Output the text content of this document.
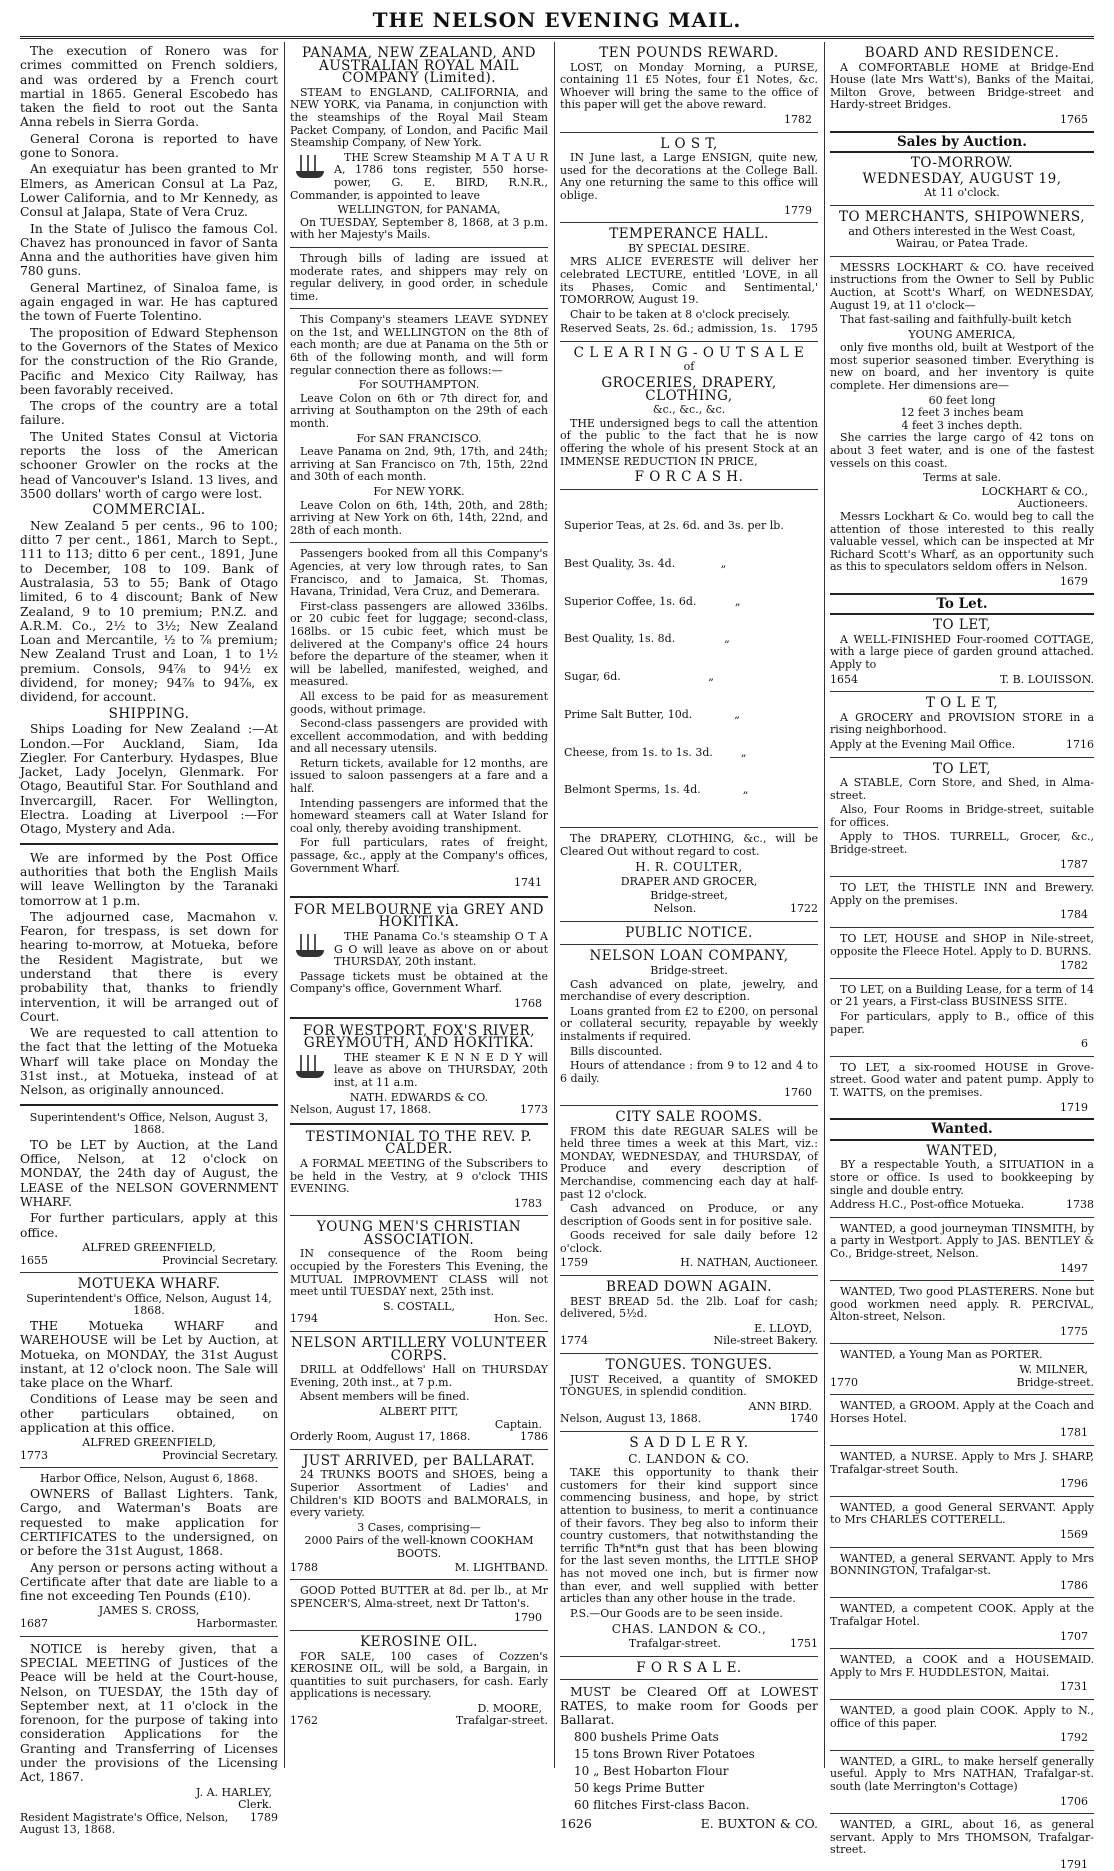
THE NELSON EVENING MAIL.

The execution of Ronero was for crimes committed on French soldiers, and was ordered by a French court martial in 1865. General Escobedo has taken the field to root out the Santa Anna rebels in Sierra Gorda.

General Corona is reported to have gone to Sonora.

An exequiatur has been granted to Mr Elmers, as American Consul at La Paz, Lower California, and to Mr Kennedy, as Consul at Jalapa, State of Vera Cruz.

In the State of Julisco the famous Col. Chavez has pronounced in favor of Santa Anna and the authorities have given him 780 guns.

General Martinez, of Sinaloa fame, is again engaged in war. He has captured the town of Fuerte Tolentino.

The proposition of Edward Stephenson to the Governors of the States of Mexico for the construction of the Rio Grande, Pacific and Mexico City Railway, has been favorably received.

The crops of the country are a total failure.

The United States Consul at Victoria reports the loss of the American schooner Growler on the rocks at the head of Vancouver's Island. 13 lives, and 3500 dollars' worth of cargo were lost.

COMMERCIAL.

New Zealand 5 per cents., 96 to 100; ditto 7 per cent., 1861, March to Sept., 111 to 113; ditto 6 per cent., 1891, June to December, 108 to 109. Bank of Australasia, 53 to 55; Bank of Otago limited, 6 to 4 discount; Bank of New Zealand, 9 to 10 premium; P.N.Z. and A.R.M. Co., 2½ to 3½; New Zealand Loan and Mercantile, ½ to ⅞ premium; New Zealand Trust and Loan, 1 to 1½ premium. Consols, 94⅞ to 94½ ex dividend, for money; 94⅞ to 94⅞, ex dividend, for account.

SHIPPING.

Ships Loading for New Zealand :—At London.—For Auckland, Siam, Ida Ziegler. For Canterbury. Hydaspes, Blue Jacket, Lady Jocelyn, Glenmark. For Otago, Beautiful Star. For Southland and Invercargill, Racer. For Wellington, Electra. Loading at Liverpool :—For Otago, Mystery and Ada.

We are informed by the Post Office authorities that both the English Mails will leave Wellington by the Taranaki tomorrow at 1 p.m.

The adjourned case, Macmahon v. Fearon, for trespass, is set down for hearing to-morrow, at Motueka, before the Resident Magistrate, but we understand that there is every probability that, thanks to friendly intervention, it will be arranged out of Court.

We are requested to call attention to the fact that the letting of the Motueka Wharf will take place on Monday the 31st inst., at Motueka, instead of at Nelson, as originally announced.

Superintendent's Office, Nelson, August 3, 1868.

TO be LET by Auction, at the Land Office, Nelson, at 12 o'clock on MONDAY, the 24th day of August, the LEASE of the NELSON GOVERNMENT WHARF.

For further particulars, apply at this office.

ALFRED GREENFIELD,
1655	Provincial Secretary.
MOTUEKA WHARF.
Superintendent's Office, Nelson, August 14, 1868.

THE Motueka WHARF and WAREHOUSE will be Let by Auction, at Motueka, on MONDAY, the 31st August instant, at 12 o'clock noon. The Sale will take place on the Wharf.

Conditions of Lease may be seen and other particulars obtained, on application at this office.

ALFRED GREENFIELD,
1773	Provincial Secretary.
Harbor Office, Nelson, August 6, 1868.

OWNERS of Ballast Lighters. Tank, Cargo, and Waterman's Boats are requested to make application for CERTIFICATES to the undersigned, on or before the 31st August, 1868.

Any person or persons acting without a Certificate after that date are liable to a fine not exceeding Ten Pounds (£10).

JAMES S. CROSS,
1687	Harbormaster.

NOTICE is hereby given, that a SPECIAL MEETING of Justices of the Peace will be held at the Court-house, Nelson, on TUESDAY, the 15th day of September next, at 11 o'clock in the forenoon, for the purpose of taking into consideration Applications for the Granting and Transferring of Licenses under the provisions of the Licensing Act, 1867.

J. A. HARLEY,
Clerk.
Resident Magistrate's Office, Nelson, August 13, 1868.
1789
PANAMA, NEW ZEALAND, AND AUSTRALIAN ROYAL MAIL COMPANY (Limited).

STEAM to ENGLAND, CALIFORNIA, and NEW YORK, via Panama, in conjunction with the steamships of the Royal Mail Steam Packet Company, of London, and Pacific Mail Steamship Company, of New York.

THE Screw Steamship M A T A U R A, 1786 tons register, 550 horse-power, G. E. BIRD, R.N.R., Commander, is appointed to leave

WELLINGTON, for PANAMA,

On TUESDAY, September 8, 1868, at 3 p.m. with her Majesty's Mails.

Through bills of lading are issued at moderate rates, and shippers may rely on regular delivery, in good order, in schedule time.

This Company's steamers LEAVE SYDNEY on the 1st, and WELLINGTON on the 8th of each month; are due at Panama on the 5th or 6th of the following month, and will form regular connection there as follows:—

For SOUTHAMPTON.

Leave Colon on 6th or 7th direct for, and arriving at Southampton on the 29th of each month.

For SAN FRANCISCO.

Leave Panama on 2nd, 9th, 17th, and 24th; arriving at San Francisco on 7th, 15th, 22nd and 30th of each month.

For NEW YORK.

Leave Colon on 6th, 14th, 20th, and 28th; arriving at New York on 6th, 14th, 22nd, and 28th of each month.

Passengers booked from all this Company's Agencies, at very low through rates, to San Francisco, and to Jamaica, St. Thomas, Havana, Trinidad, Vera Cruz, and Demerara.

First-class passengers are allowed 336lbs. or 20 cubic feet for luggage; second-class, 168lbs. or 15 cubic feet, which must be delivered at the Company's office 24 hours before the departure of the steamer, when it will be labelled, manifested, weighed, and measured.

All excess to be paid for as measurement goods, without primage.

Second-class passengers are provided with excellent accommodation, and with bedding and all necessary utensils.

Return tickets, available for 12 months, are issued to saloon passengers at a fare and a half.

Intending passengers are informed that the homeward steamers call at Water Island for coal only, thereby avoiding transhipment.

For full particulars, rates of freight, passage, &c., apply at the Company's offices, Government Wharf.

1741
FOR MELBOURNE via GREY AND HOKITIKA.

THE Panama Co.'s steamship O T A G O will leave as above on or about THURSDAY, 20th instant.

Passage tickets must be obtained at the Company's office, Government Wharf.

1768
FOR WESTPORT, FOX'S RIVER, GREYMOUTH, AND HOKITIKA.

THE steamer K E N N E D Y will leave as above on THURSDAY, 20th inst, at 11 a.m.

NATH. EDWARDS & CO.
Nelson, August 17, 1868.	1773
TESTIMONIAL TO THE REV. P. CALDER.

A FORMAL MEETING of the Subscribers to be held in the Vestry, at 9 o'clock THIS EVENING.

1783
YOUNG MEN'S CHRISTIAN ASSOCIATION.

IN consequence of the Room being occupied by the Foresters This Evening, the MUTUAL IMPROVMENT CLASS will not meet until TUESDAY next, 25th inst.

S. COSTALL,
1794	Hon. Sec.
NELSON ARTILLERY VOLUNTEER CORPS.

DRILL at Oddfellows' Hall on THURSDAY Evening, 20th inst., at 7 p.m.

Absent members will be fined.

ALBERT PITT,
Captain.
Orderly Room, August 17, 1868.	1786
JUST ARRIVED, per BALLARAT.

24 TRUNKS BOOTS and SHOES, being a Superior Assortment of Ladies' and Children's KID BOOTS and BALMORALS, in every variety.

3 Cases, comprising—
2000 Pairs of the well-known COOKHAM BOOTS.
1788	M. LIGHTBAND.

GOOD Potted BUTTER at 8d. per lb., at Mr SPENCER'S, Alma-street, next Dr Tatton's.

1790
KEROSINE OIL.

FOR SALE, 100 cases of Cozzen's KEROSINE OIL, will be sold, a Bargain, in quantities to suit purchasers, for cash. Early applications is necessary.

D. MOORE,
1762	Trafalgar-street.
TEN POUNDS REWARD.

LOST, on Monday Morning, a PURSE, containing 11 £5 Notes, four £1 Notes, &c. Whoever will bring the same to the office of this paper will get the above reward.

1782
L O S T,

IN June last, a Large ENSIGN, quite new, used for the decorations at the College Ball. Any one returning the same to this office will oblige.

1779
TEMPERANCE HALL.
BY SPECIAL DESIRE.

MRS ALICE EVERESTE will deliver her celebrated LECTURE, entitled 'LOVE, in all its Phases, Comic and Sentimental,' TOMORROW, August 19.

Chair to be taken at 8 o'clock precisely.

Reserved Seats, 2s. 6d.; admission, 1s. 1795
C L E A R I N G - O U T S A L E
of
GROCERIES, DRAPERY, CLOTHING,
&c., &c., &c.

THE undersigned begs to call the attention of the public to the fact that he is now offering the whole of his present Stock at an IMMENSE REDUCTION IN PRICE,

F O R C A S H.

Superior Teas, at 2s. 6d. and 3s. per lb.

Best Quality, 3s. 4d.             „

Superior Coffee, 1s. 6d.           „

Best Quality, 1s. 8d.              „

Sugar, 6d.                         „

Prime Salt Butter, 10d.            „

Cheese, from 1s. to 1s. 3d.        „

Belmont Sperms, 1s. 4d.            „

The DRAPERY, CLOTHING, &c., will be Cleared Out without regard to cost.

H. R. COULTER,
DRAPER AND GROCER,
Bridge-street,
Nelson.	1722
PUBLIC NOTICE.
NELSON LOAN COMPANY,
Bridge-street.

Cash advanced on plate, jewelry, and merchandise of every description.

Loans granted from £2 to £200, on personal or collateral security, repayable by weekly instalments if required.

Bills discounted.

Hours of attendance : from 9 to 12 and 4 to 6 daily.

1760
CITY SALE ROOMS.

FROM this date REGUAR SALES will be held three times a week at this Mart, viz.: MONDAY, WEDNESDAY, and THURSDAY, of Produce and every description of Merchandise, commencing each day at half-past 12 o'clock.

Cash advanced on Produce, or any description of Goods sent in for positive sale.

Goods received for sale daily before 12 o'clock.

1759	H. NATHAN, Auctioneer.
BREAD DOWN AGAIN.

BEST BREAD 5d. the 2lb. Loaf for cash; delivered, 5½d.

E. LLOYD,
1774	Nile-street Bakery.
TONGUES. TONGUES.

JUST Received, a quantity of SMOKED TONGUES, in splendid condition.

ANN BIRD.
Nelson, August 13, 1868.	1740
S A D D L E R Y.
C. LANDON & CO.

TAKE this opportunity to thank their customers for their kind support since commencing business, and hope, by strict attention to business, to merit a continuance of their favors. They beg also to inform their country customers, that notwithstanding the terrific Th*nt*n gust that has been blowing for the last seven months, the LITTLE SHOP has not moved one inch, but is firmer now than ever, and well supplied with better articles than any other house in the trade.

P.S.—Our Goods are to be seen inside.

CHAS. LANDON & CO.,
Trafalgar-street.	1751
F O R S A L E.

MUST be Cleared Off at LOWEST RATES, to make room for Goods per Ballarat.

800 bushels Prime Oats
15 tons Brown River Potatoes
10 „ Best Hobarton Flour
50 kegs Prime Butter
60 flitches First-class Bacon.
1626	E. BUXTON & CO.
BOARD AND RESIDENCE.

A COMFORTABLE HOME at Bridge-End House (late Mrs Watt's), Banks of the Maitai, Milton Grove, between Bridge-street and Hardy-street Bridges.

1765
Sales by Auction.
TO-MORROW.
WEDNESDAY, AUGUST 19,
At 11 o'clock.
TO MERCHANTS, SHIPOWNERS,
and Others interested in the West Coast, Wairau, or Patea Trade.

MESSRS LOCKHART & CO. have received instructions from the Owner to Sell by Public Auction, at Scott's Wharf, on WEDNESDAY, August 19, at 11 o'clock—

That fast-sailing and faithfully-built ketch

YOUNG AMERICA,

only five months old, built at Westport of the most superior seasoned timber. Everything is new on board, and her inventory is quite complete. Her dimensions are—

60 feet long
12 feet 3 inches beam
4 feet 3 inches depth.

She carries the large cargo of 42 tons on about 3 feet water, and is one of the fastest vessels on this coast.

Terms at sale.
LOCKHART & CO.,
Auctioneers.

Messrs Lockhart & Co. would beg to call the attention of those interested to this really valuable vessel, which can be inspected at Mr Richard Scott's Wharf, as an opportunity such as this to speculators seldom offers in Nelson.

1679
To Let.
TO LET,

A WELL-FINISHED Four-roomed COTTAGE, with a large piece of garden ground attached. Apply to

1654	T. B. LOUISSON.
T O L E T,

A GROCERY and PROVISION STORE in a rising neighborhood.

Apply at the Evening Mail Office.	1716
TO LET,

A STABLE, Corn Store, and Shed, in Alma-street.

Also, Four Rooms in Bridge-street, suitable for offices.

Apply to THOS. TURRELL, Grocer, &c., Bridge-street.

1787

TO LET, the THISTLE INN and Brewery. Apply on the premises.

1784

TO LET, HOUSE and SHOP in Nile-street, opposite the Fleece Hotel. Apply to D. BURNS.

1782

TO LET, on a Building Lease, for a term of 14 or 21 years, a First-class BUSINESS SITE.

For particulars, apply to B., office of this paper.

6

TO LET, a six-roomed HOUSE in Grove-street. Good water and patent pump. Apply to T. WATTS, on the premises.

1719
Wanted.
WANTED,

BY a respectable Youth, a SITUATION in a store or office. Is used to bookkeeping by single and double entry.

Address H.C., Post-office Motueka.	1738

WANTED, a good journeyman TINSMITH, by a party in Westport. Apply to JAS. BENTLEY & Co., Bridge-street, Nelson.

1497

WANTED, Two good PLASTERERS. None but good workmen need apply. R. PERCIVAL, Alton-street, Nelson.

1775

WANTED, a Young Man as PORTER.

W. MILNER,
1770	Bridge-street.

WANTED, a GROOM. Apply at the Coach and Horses Hotel.

1781

WANTED, a NURSE. Apply to Mrs J. SHARP, Trafalgar-street South.

1796

WANTED, a good General SERVANT. Apply to Mrs CHARLES COTTERELL.

1569

WANTED, a general SERVANT. Apply to Mrs BONNINGTON, Trafalgar-st.

1786

WANTED, a competent COOK. Apply at the Trafalgar Hotel.

1707

WANTED, a COOK and a HOUSEMAID. Apply to Mrs F. HUDDLESTON, Maitai.

1731

WANTED, a good plain COOK. Apply to N., office of this paper.

1792

WANTED, a GIRL, to make herself generally useful. Apply to Mrs NATHAN, Trafalgar-st. south (late Merrington's Cottage)

1706

WANTED, a GIRL, about 16, as general servant. Apply to Mrs THOMSON, Trafalgar-street.

1791
